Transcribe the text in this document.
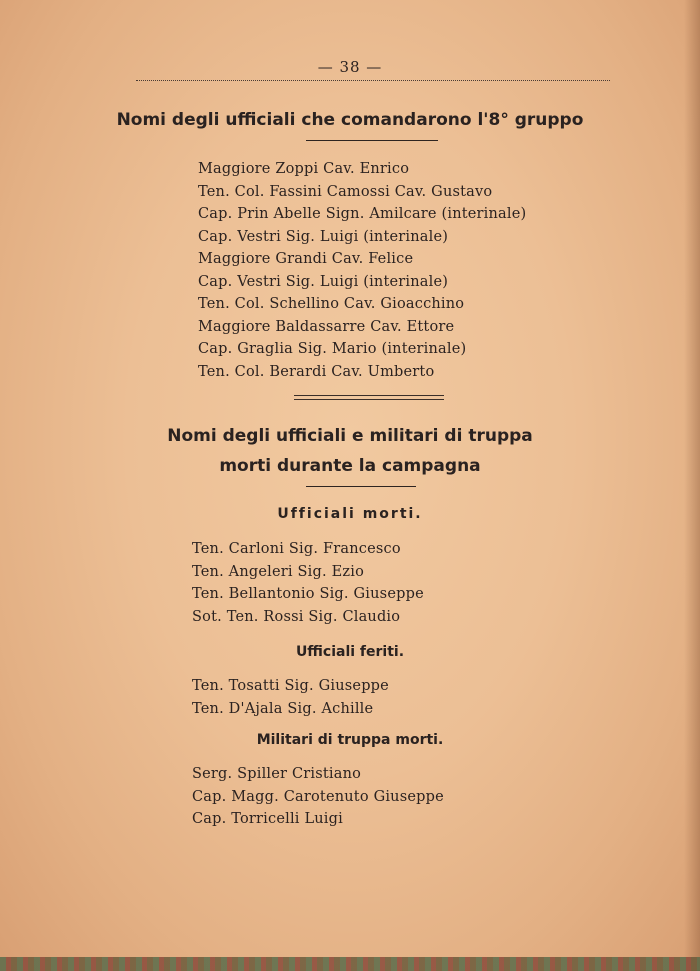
— 38 —
Nomi degli ufficiali che comandarono l'8° gruppo
Maggiore Zoppi Cav. Enrico
Ten. Col. Fassini Camossi Cav. Gustavo
Cap. Prin Abelle Sign. Amilcare (interinale)
Cap. Vestri Sig. Luigi (interinale)
Maggiore Grandi Cav. Felice
Cap. Vestri Sig. Luigi (interinale)
Ten. Col. Schellino Cav. Gioacchino
Maggiore Baldassarre Cav. Ettore
Cap. Graglia Sig. Mario (interinale)
Ten. Col. Berardi Cav. Umberto
Nomi degli ufficiali e militari di truppa
morti durante la campagna
Ufficiali morti.
Ten. Carloni Sig. Francesco
Ten. Angeleri Sig. Ezio
Ten. Bellantonio Sig. Giuseppe
Sot. Ten. Rossi Sig. Claudio
Ufficiali feriti.
Ten. Tosatti Sig. Giuseppe
Ten. D'Ajala Sig. Achille
Militari di truppa morti.
Serg. Spiller Cristiano
Cap. Magg. Carotenuto Giuseppe
Cap. Torricelli Luigi
